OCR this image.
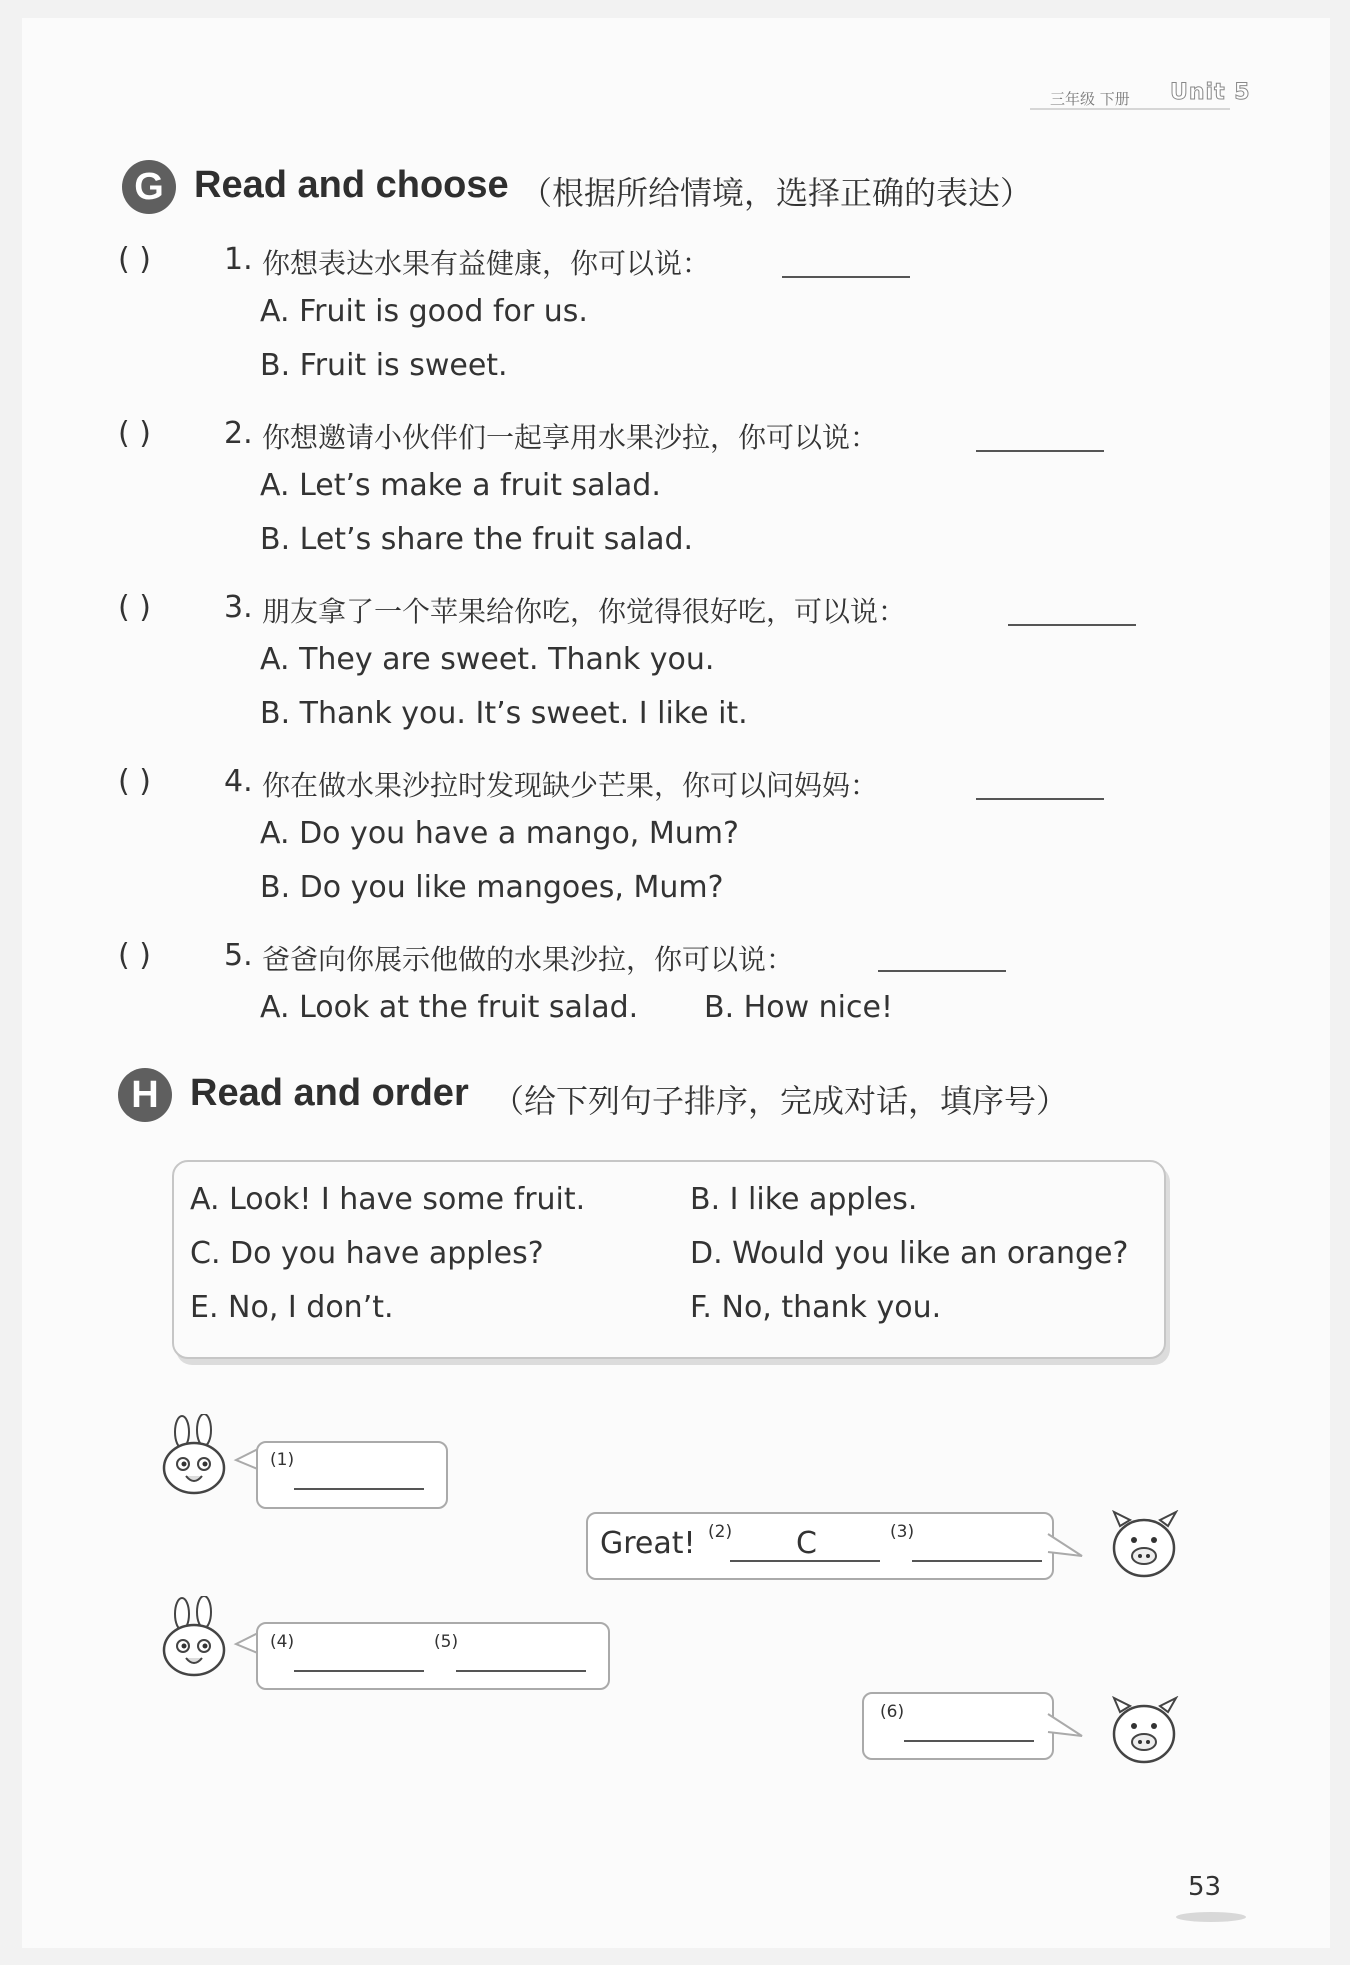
三年级 下册 Unit 5
G Read and choose （根据所给情境，选择正确的表达）
( ) 1. 你想表达水果有益健康，你可以说：
A. Fruit is good for us.
B. Fruit is sweet.
( ) 2. 你想邀请小伙伴们一起享用水果沙拉，你可以说：
A. Let’s make a fruit salad.
B. Let’s share the fruit salad.
( ) 3. 朋友拿了一个苹果给你吃，你觉得很好吃，可以说：
A. They are sweet. Thank you.
B. Thank you. It’s sweet. I like it.
( ) 4. 你在做水果沙拉时发现缺少芒果，你可以问妈妈：
A. Do you have a mango, Mum?
B. Do you like mangoes, Mum?
( ) 5. 爸爸向你展示他做的水果沙拉，你可以说：
A. Look at the fruit salad. B. How nice!
H Read and order （给下列句子排序，完成对话，填序号）
A. Look! I have some fruit.	B. I like apples.
C. Do you have apples?	D. Would you like an orange?
E. No, I don’t.	F. No, thank you.
(1)
Great! (2) C	(3)
(4)	(5)
(6)
53
